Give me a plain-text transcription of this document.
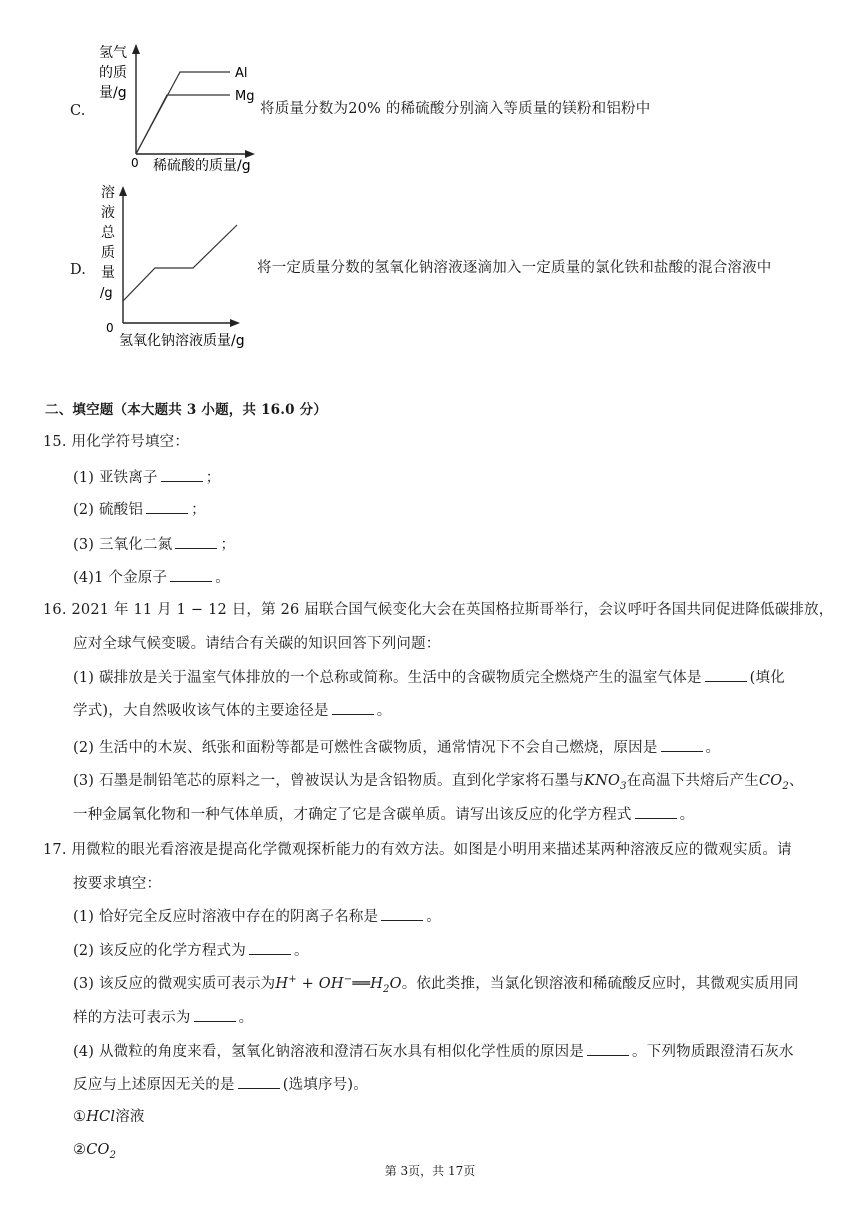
C.
氢气
的质
量/g
Al
Mg
0 稀硫酸的质量/g
将质量分数为20% 的稀硫酸分别滴入等质量的镁粉和铝粉中
D.
溶
液
总
质
量
/g
0
氢氧化钠溶液质量/g
将一定质量分数的氢氧化钠溶液逐滴加入一定质量的氯化铁和盐酸的混合溶液中
二、填空题（本大题共 3 小题，共 16.0 分）
15. 用化学符号填空：
(1) 亚铁离子	；
(2) 硫酸铝	；
(3) 三氧化二氮	；
(4)1 个金原子	。
16. 2021 年 11 月 1 − 12 日，第 26 届联合国气候变化大会在英国格拉斯哥举行，会议呼吁各国共同促进降低碳排放，
应对全球气候变暖。请结合有关碳的知识回答下列问题：
(1) 碳排放是关于温室气体排放的一个总称或简称。生活中的含碳物质完全燃烧产生的温室气体是	(填化
学式)，大自然吸收该气体的主要途径是	。
(2) 生活中的木炭、纸张和面粉等都是可燃性含碳物质，通常情况下不会自己燃烧，原因是	。
(3) 石墨是制铅笔芯的原料之一，曾被误认为是含铅物质。直到化学家将石墨与$KNO_3$在高温下共熔后产生$CO_2$、
一种金属氧化物和一种气体单质，才确定了它是含碳单质。请写出该反应的化学方程式	。
17. 用微粒的眼光看溶液是提高化学微观探析能力的有效方法。如图是小明用来描述某两种溶液反应的微观实质。请
按要求填空：
(1) 恰好完全反应时溶液中存在的阴离子名称是	。
(2) 该反应的化学方程式为	。
(3) 该反应的微观实质可表示为$H^+ + OH^-══H_2O$。依此类推，当氯化钡溶液和稀硫酸反应时，其微观实质用同
样的方法可表示为	。
(4) 从微粒的角度来看，氢氧化钠溶液和澄清石灰水具有相似化学性质的原因是	。下列物质跟澄清石灰水
反应与上述原因无关的是	(选填序号)。
①HCl溶液
$②CO_2$
第 3页，共 17页
